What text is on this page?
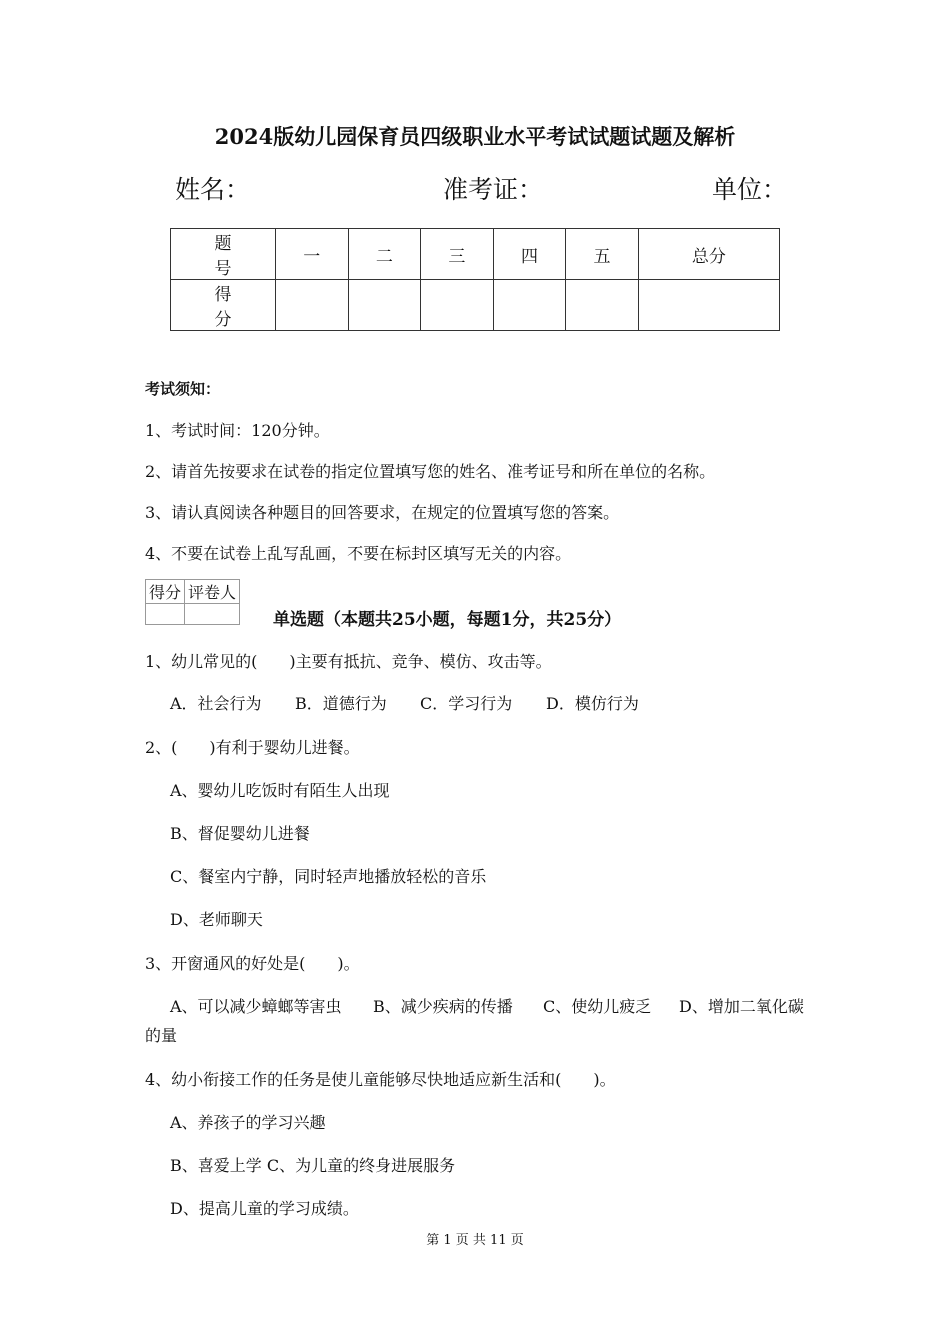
2024版幼儿园保育员四级职业水平考试试题试题及解析
姓名：	准考证：	单位：
题　号	一	二	三	四	五	总分
得　分						
考试须知：
1、考试时间：120分钟。
2、请首先按要求在试卷的指定位置填写您的姓名、准考证号和所在单位的名称。
3、请认真阅读各种题目的回答要求，在规定的位置填写您的答案。
4、不要在试卷上乱写乱画，不要在标封区填写无关的内容。
得分	评卷人

单选题（本题共25小题，每题1分，共25分）
1、幼儿常见的(　　)主要有抵抗、竞争、模仿、攻击等。
A．社会行为 B．道德行为 C．学习行为 D．模仿行为
2、(　　)有利于婴幼儿进餐。
A、婴幼儿吃饭时有陌生人出现
B、督促婴幼儿进餐
C、餐室内宁静，同时轻声地播放轻松的音乐
D、老师聊天
3、开窗通风的好处是(　　)。
A、可以减少蟑螂等害虫 B、减少疾病的传播 C、使幼儿疲乏 D、增加二氧化碳
的量
4、幼小衔接工作的任务是使儿童能够尽快地适应新生活和(　　)。
A、养孩子的学习兴趣
B、喜爱上学 C、为儿童的终身进展服务
D、提高儿童的学习成绩。
第 1 页 共 11 页
